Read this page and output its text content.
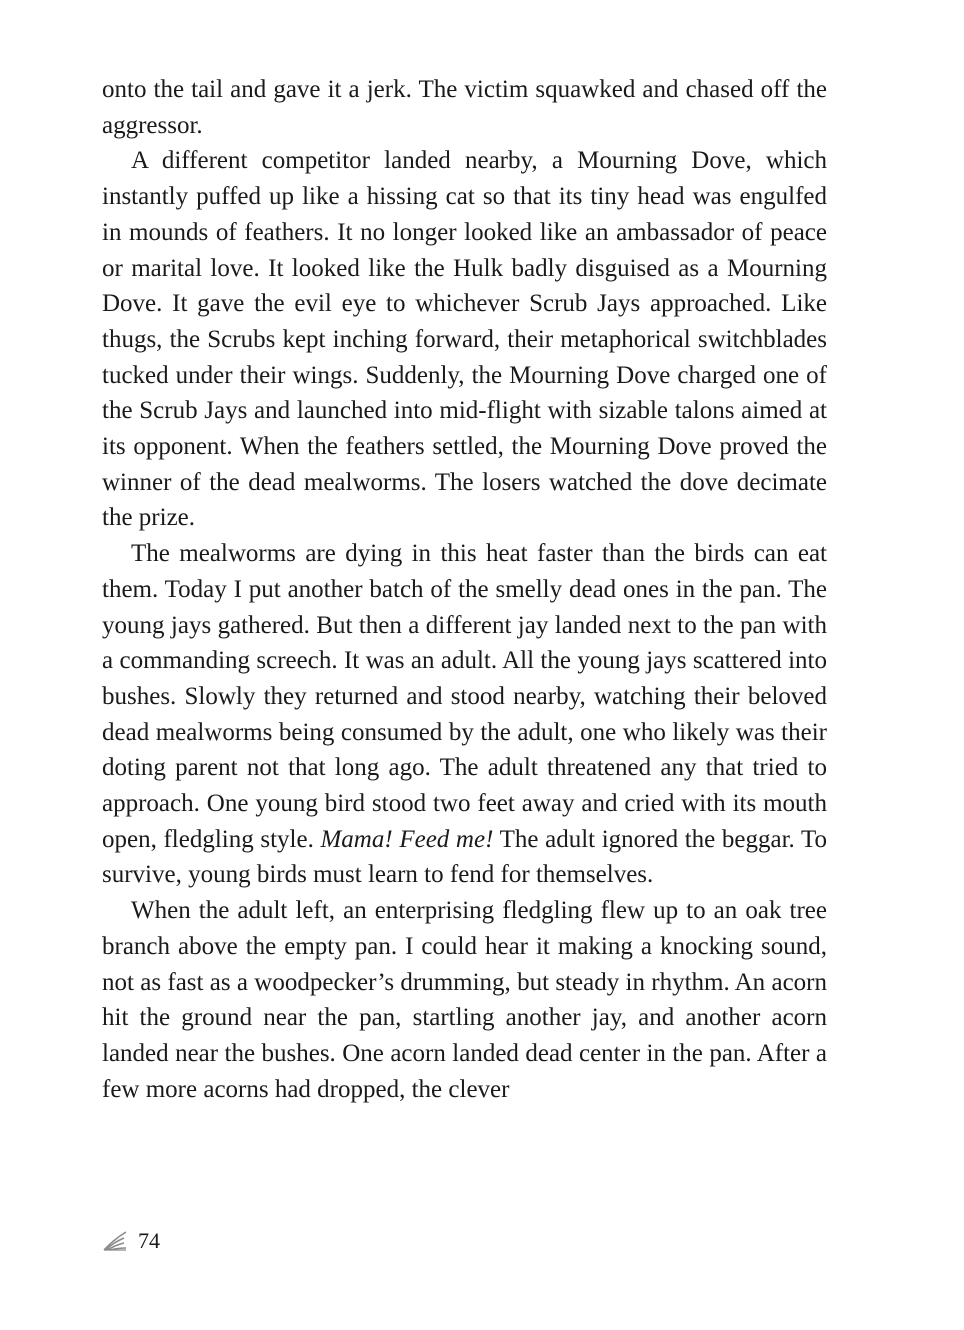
onto the tail and gave it a jerk. The victim squawked and chased off the aggressor.

A different competitor landed nearby, a Mourning Dove, which instantly puffed up like a hissing cat so that its tiny head was engulfed in mounds of feathers. It no longer looked like an ambassador of peace or marital love. It looked like the Hulk badly disguised as a Mourning Dove. It gave the evil eye to whichever Scrub Jays approached. Like thugs, the Scrubs kept inching forward, their metaphorical switchblades tucked under their wings. Suddenly, the Mourning Dove charged one of the Scrub Jays and launched into mid-flight with sizable talons aimed at its opponent. When the feathers settled, the Mourning Dove proved the winner of the dead mealworms. The losers watched the dove decimate the prize.

The mealworms are dying in this heat faster than the birds can eat them. Today I put another batch of the smelly dead ones in the pan. The young jays gathered. But then a different jay landed next to the pan with a commanding screech. It was an adult. All the young jays scattered into bushes. Slowly they returned and stood nearby, watching their beloved dead mealworms being consumed by the adult, one who likely was their doting parent not that long ago. The adult threatened any that tried to approach. One young bird stood two feet away and cried with its mouth open, fledgling style. Mama! Feed me! The adult ignored the beggar. To survive, young birds must learn to fend for themselves.

When the adult left, an enterprising fledgling flew up to an oak tree branch above the empty pan. I could hear it making a knocking sound, not as fast as a woodpecker’s drumming, but steady in rhythm. An acorn hit the ground near the pan, startling another jay, and another acorn landed near the bushes. One acorn landed dead center in the pan. After a few more acorns had dropped, the clever

74
